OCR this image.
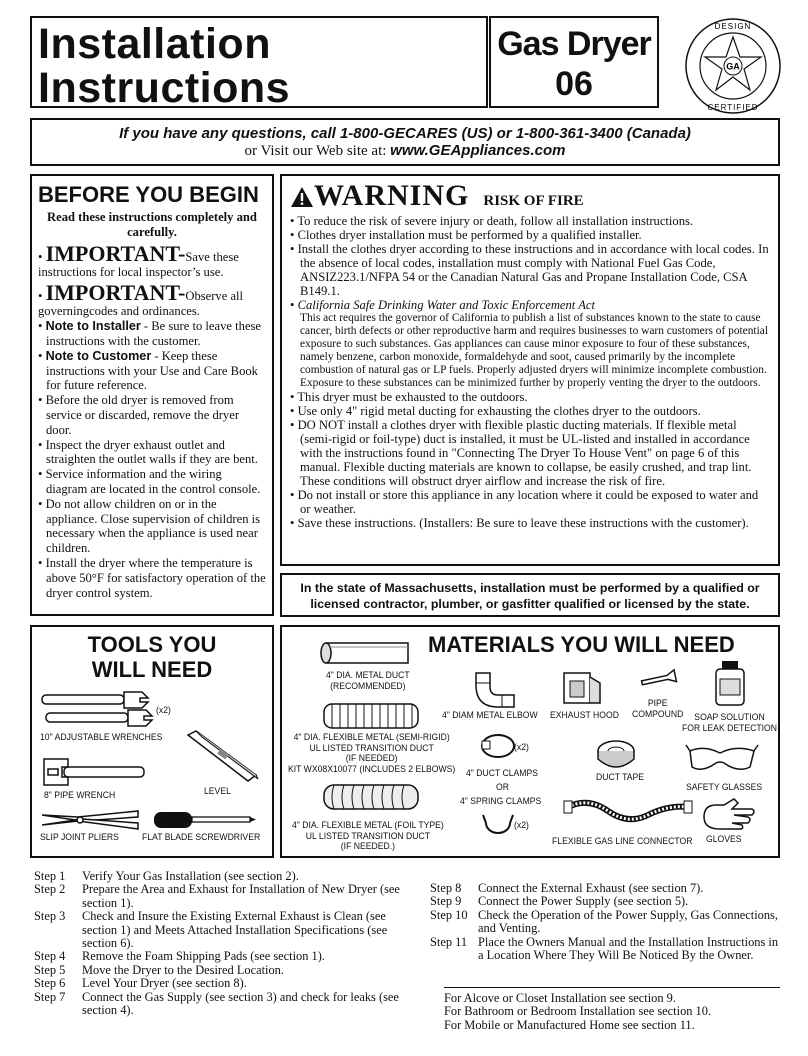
Installation
Instructions
Gas Dryer
06	GA
DESIGN
CERTIFIED
If you have any questions, call 1-800-GECARES (US) or 1-800-361-3400 (Canada)
or Visit our Web site at: www.GEAppliances.com
BEFORE YOU BEGIN
Read these instructions completely and carefully.
• IMPORTANT-Save these instructions for local inspector’s use.
• IMPORTANT-Observe all governingcodes and ordinances.
• Note to Installer - Be sure to leave these instructions with the customer.
• Note to Customer - Keep these instructions with your Use and Care Book for future reference.
• Before the old dryer is removed from service or discarded, remove the dryer door.
• Inspect the dryer exhaust outlet and straighten the outlet walls if they are bent.
• Service information and the wiring diagram are located in the control console.
• Do not allow children on or in the appliance. Close supervision of children is necessary when the appliance is used near children.
• Install the dryer where the temperature is above 50°F for satisfactory operation of the dryer control system.
WARNING RISK OF FIRE
• To reduce the risk of severe injury or death, follow all installation instructions.
• Clothes dryer installation must be performed by a qualified installer.
• Install the clothes dryer according to these instructions and in accordance with local codes. In the absence of local codes, installation must comply with National Fuel Gas Code, ANSIZ223.1/NFPA 54 or the Canadian Natural Gas and Propane Installation Code, CSA B149.1.
• California Safe Drinking Water and Toxic Enforcement Act
This act requires the governor of California to publish a list of substances known to the state to cause cancer, birth defects or other reproductive harm and requires businesses to warn customers of potential exposure to such substances. Gas appliances can cause minor exposure to four of these substances, namely benzene, carbon monoxide, formaldehyde and soot, caused primarily by the incomplete combustion of natural gas or LP fuels. Properly adjusted dryers will minimize incomplete combustion. Exposure to these substances can be minimized further by properly venting the dryer to the outdoors.
• This dryer must be exhausted to the outdoors.
• Use only 4" rigid metal ducting for exhausting the clothes dryer to the outdoors.
• DO NOT install a clothes dryer with flexible plastic ducting materials. If flexible metal (semi-rigid or foil-type) duct is installed, it must be UL-listed and installed in accordance with the instructions found in "Connecting The Dryer To House Vent" on page 6 of this manual. Flexible ducting materials are known to collapse, be easily crushed, and trap lint. These conditions will obstruct dryer airflow and increase the risk of fire.
• Do not install or store this appliance in any location where it could be exposed to water and or weather.
• Save these instructions. (Installers: Be sure to leave these instructions with the customer).
In the state of Massachusetts, installation must be performed by a qualified or licensed contractor, plumber, or gasfitter qualified or licensed by the state.
TOOLS YOU
WILL NEED
(x2)
10" ADJUSTABLE WRENCHES
LEVEL
8" PIPE WRENCH
SLIP JOINT PLIERS FLAT BLADE SCREWDRIVER
MATERIALS YOU WILL NEED
4" DIA. METAL DUCT
(RECOMMENDED)
4" DIA. FLEXIBLE METAL (SEMI-RIGID)
UL LISTED TRANSITION DUCT
(IF NEEDED)
KIT WX08X10077 (INCLUDES 2 ELBOWS)
4" DIA. FLEXIBLE METAL (FOIL TYPE)
UL LISTED TRANSITION DUCT
(IF NEEDED.)
4" DIAM METAL ELBOW EXHAUST HOOD
PIPE
COMPOUND	SOAP SOLUTION
FOR LEAK DETECTION
(x2)
4" DUCT CLAMPS
OR
4" SPRING CLAMPS
(x2)
DUCT TAPE
SAFETY GLASSES
FLEXIBLE GAS LINE CONNECTOR GLOVES
Step 1	Verify Your Gas Installation (see section 2).
Step 2	Prepare the Area and Exhaust for Installation of New Dryer (see section 1).
Step 3	Check and Insure the Existing External Exhaust is Clean (see section 1) and Meets Attached Installation Specifications (see section 6).
Step 4	Remove the Foam Shipping Pads (see section 1).
Step 5	Move the Dryer to the Desired Location.
Step 6	Level Your Dryer (see section 8).
Step 7	Connect the Gas Supply (see section 3) and check for leaks (see section 4).
Step 8	Connect the External Exhaust (see section 7).
Step 9	Connect the Power Supply (see section 5).
Step 10 Check the Operation of the Power Supply, Gas Connections, and Venting.
Step 11 Place the Owners Manual and the Installation Instructions in a Location Where They Will Be Noticed By the Owner.
For Alcove or Closet Installation see section 9.
For Bathroom or Bedroom Installation see section 10.
For Mobile or Manufactured Home see section 11.
